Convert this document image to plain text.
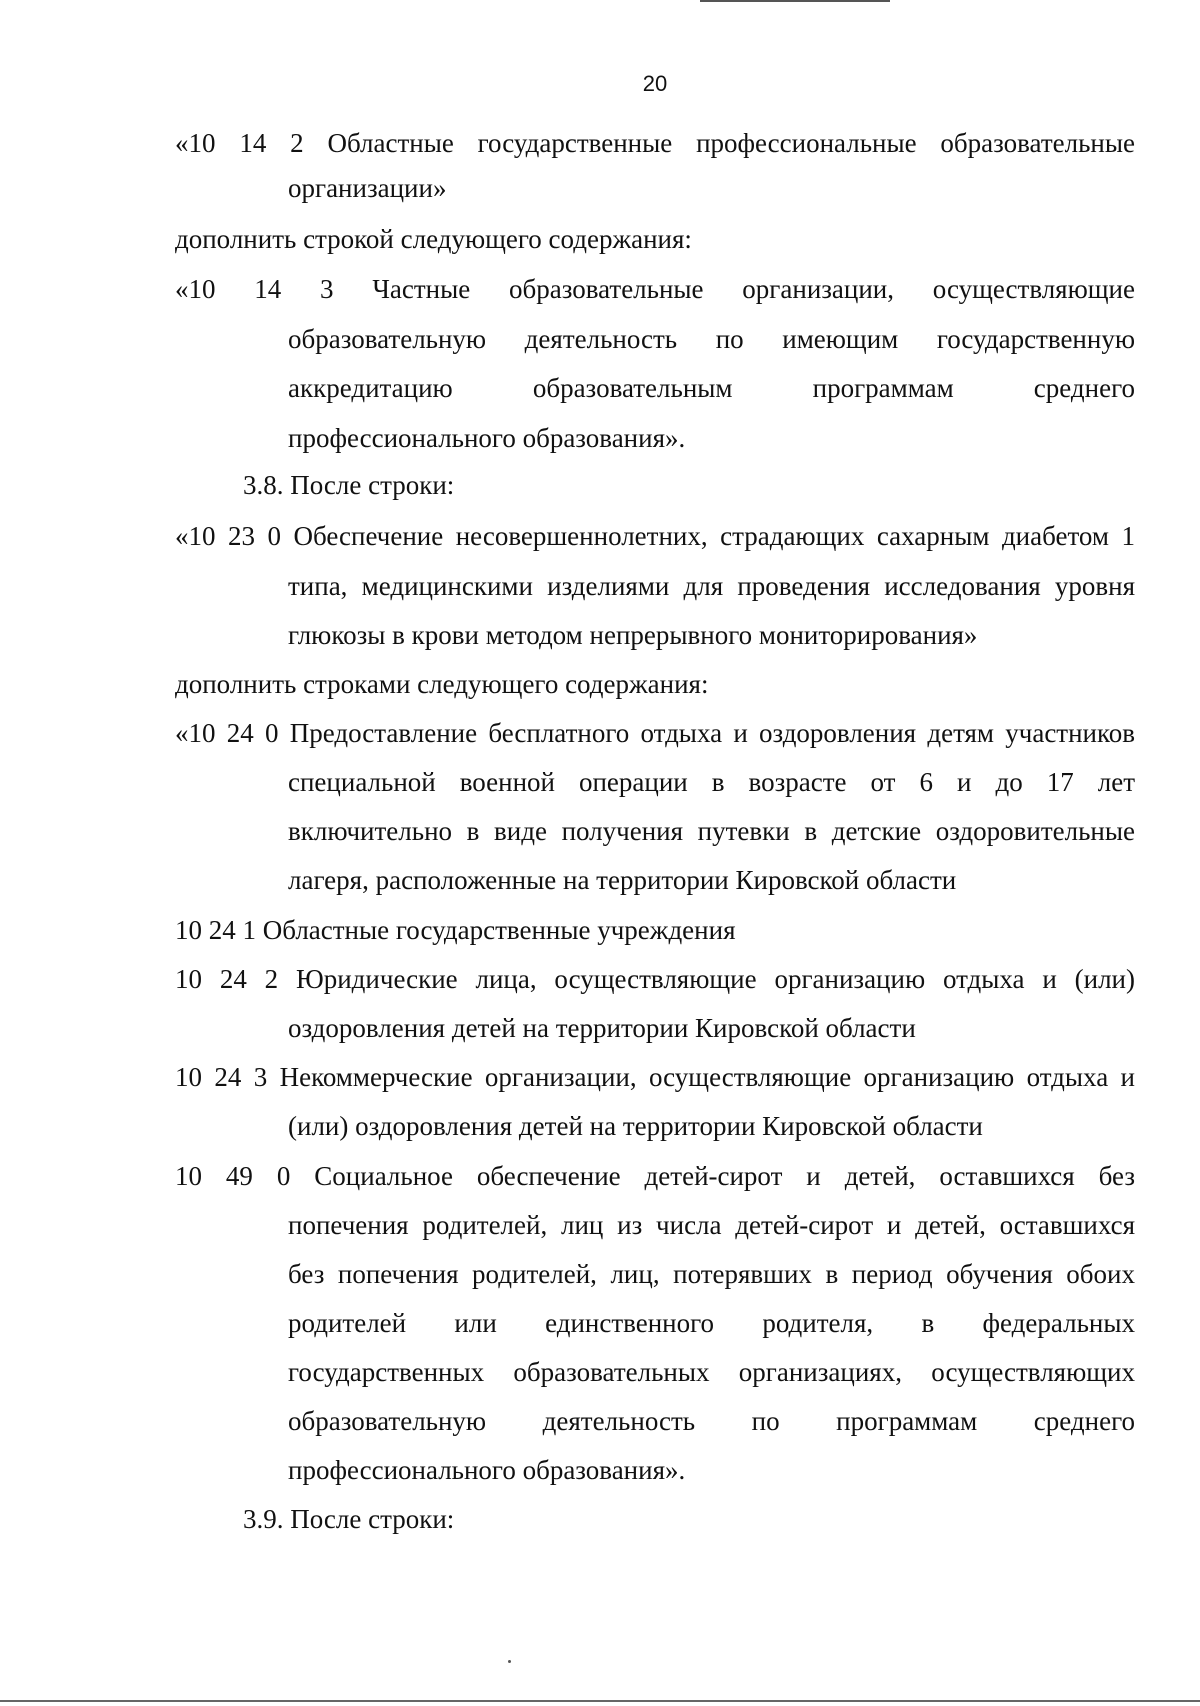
20
«10 14 2 Областные государственные профессиональные образовательные
организации»
дополнить строкой следующего содержания:
«10 14 3 Частные образовательные организации, осуществляющие
образовательную деятельность по имеющим государственную
аккредитацию образовательным программам среднего
профессионального образования».
3.8. После строки:
«10 23 0 Обеспечение несовершеннолетних, страдающих сахарным диабетом 1
типа, медицинскими изделиями для проведения исследования уровня
глюкозы в крови методом непрерывного мониторирования»
дополнить строками следующего содержания:
«10 24 0 Предоставление бесплатного отдыха и оздоровления детям участников
специальной военной операции в возрасте от 6 и до 17 лет
включительно в виде получения путевки в детские оздоровительные
лагеря, расположенные на территории Кировской области
10 24 1 Областные государственные учреждения
10 24 2 Юридические лица, осуществляющие организацию отдыха и (или)
оздоровления детей на территории Кировской области
10 24 3 Некоммерческие организации, осуществляющие организацию отдыха и
(или) оздоровления детей на территории Кировской области
10 49 0 Социальное обеспечение детей-сирот и детей, оставшихся без
попечения родителей, лиц из числа детей-сирот и детей, оставшихся
без попечения родителей, лиц, потерявших в период обучения обоих
родителей или единственного родителя, в федеральных
государственных образовательных организациях, осуществляющих
образовательную деятельность по программам среднего
профессионального образования».
3.9. После строки:
